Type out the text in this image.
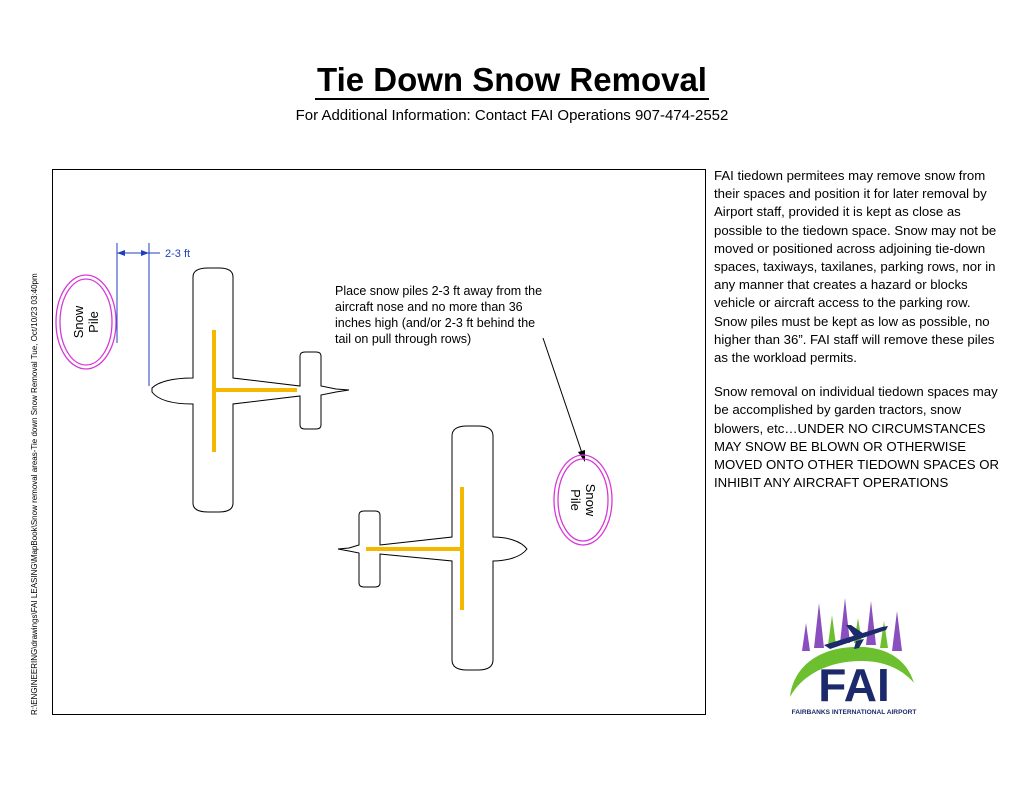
Tie Down Snow Removal
For Additional Information: Contact FAI Operations 907-474-2552
R:\ENGINEERING\drawings\FAI LEASING\MapBook\Snow removal areas-Tie down Snow Removal Tue, Oct/10/23 03:40pm SnowPile
2-3 ft
SnowPile
Place snow piles 2-3 ft away from the aircraft nose and no more than 36 inches high (and/or 2-3 ft behind the tail on pull through rows)

FAI tiedown permitees may remove snow from their spaces and position it for later removal by Airport staff, provided it is kept as close as possible to the tiedown space. Snow may not be moved or positioned across adjoining tie-down spaces, taxiways, taxilanes, parking rows, nor in any manner that creates a hazard or blocks vehicle or aircraft access to the parking row. Snow piles must be kept as low as possible, no higher than 36”. FAI staff will remove these piles as the workload permits.

Snow removal on individual tiedown spaces may be accomplished by garden tractors, snow blowers, etc…UNDER NO CIRCUMSTANCES MAY SNOW BE BLOWN OR OTHERWISE MOVED ONTO OTHER TIEDOWN SPACES OR INHIBIT ANY AIRCRAFT OPERATIONS

FAI
FAIRBANKS INTERNATIONAL AIRPORT
